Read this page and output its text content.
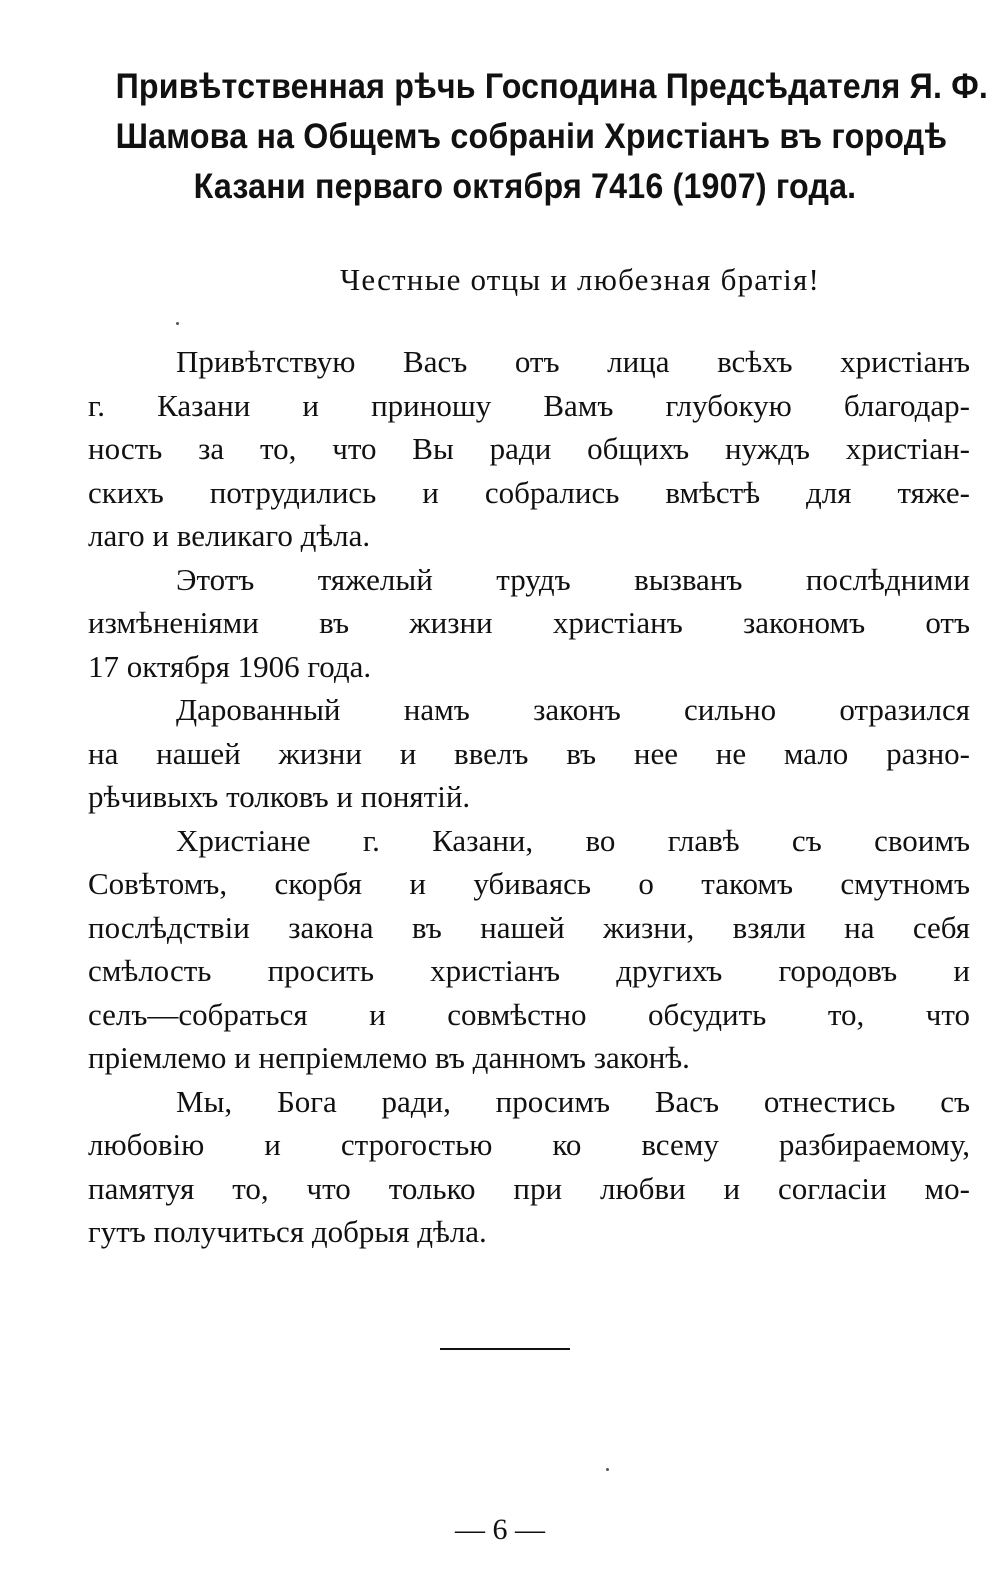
Привѣтственная рѣчь Господина Предсѣдателя Я. Ф.
Шамова на Общемъ собраніи Христіанъ въ городѣ
Казани перваго октября 7416 (1907) года.
Честные отцы и любезная братія!

Привѣтствую Васъ отъ лица всѣхъ христіанъ
г. Казани и приношу Вамъ глубокую благодар-
ность за то, что Вы ради общихъ нуждъ христіан-
скихъ потрудились и собрались вмѣстѣ для тяже-
лаго и великаго дѣла.

Этотъ тяжелый трудъ вызванъ послѣдними
измѣненіями въ жизни христіанъ закономъ отъ
17 октября 1906 года.

Дарованный намъ законъ сильно отразился
на нашей жизни и ввелъ въ нее не мало разно-
рѣчивыхъ толковъ и понятій.

Христіане г. Казани, во главѣ съ своимъ
Совѣтомъ, скорбя и убиваясь о такомъ смутномъ
послѣдствіи закона въ нашей жизни, взяли на себя
смѣлость просить христіанъ другихъ городовъ и
селъ—собраться и совмѣстно обсудить то, что
пріемлемо и непріемлемо въ данномъ законѣ.

Мы, Бога ради, просимъ Васъ отнестись съ
любовію и строгостью ко всему разбираемому,
памятуя то, что только при любви и согласіи мо-
гутъ получиться добрыя дѣла.

— 6 —
